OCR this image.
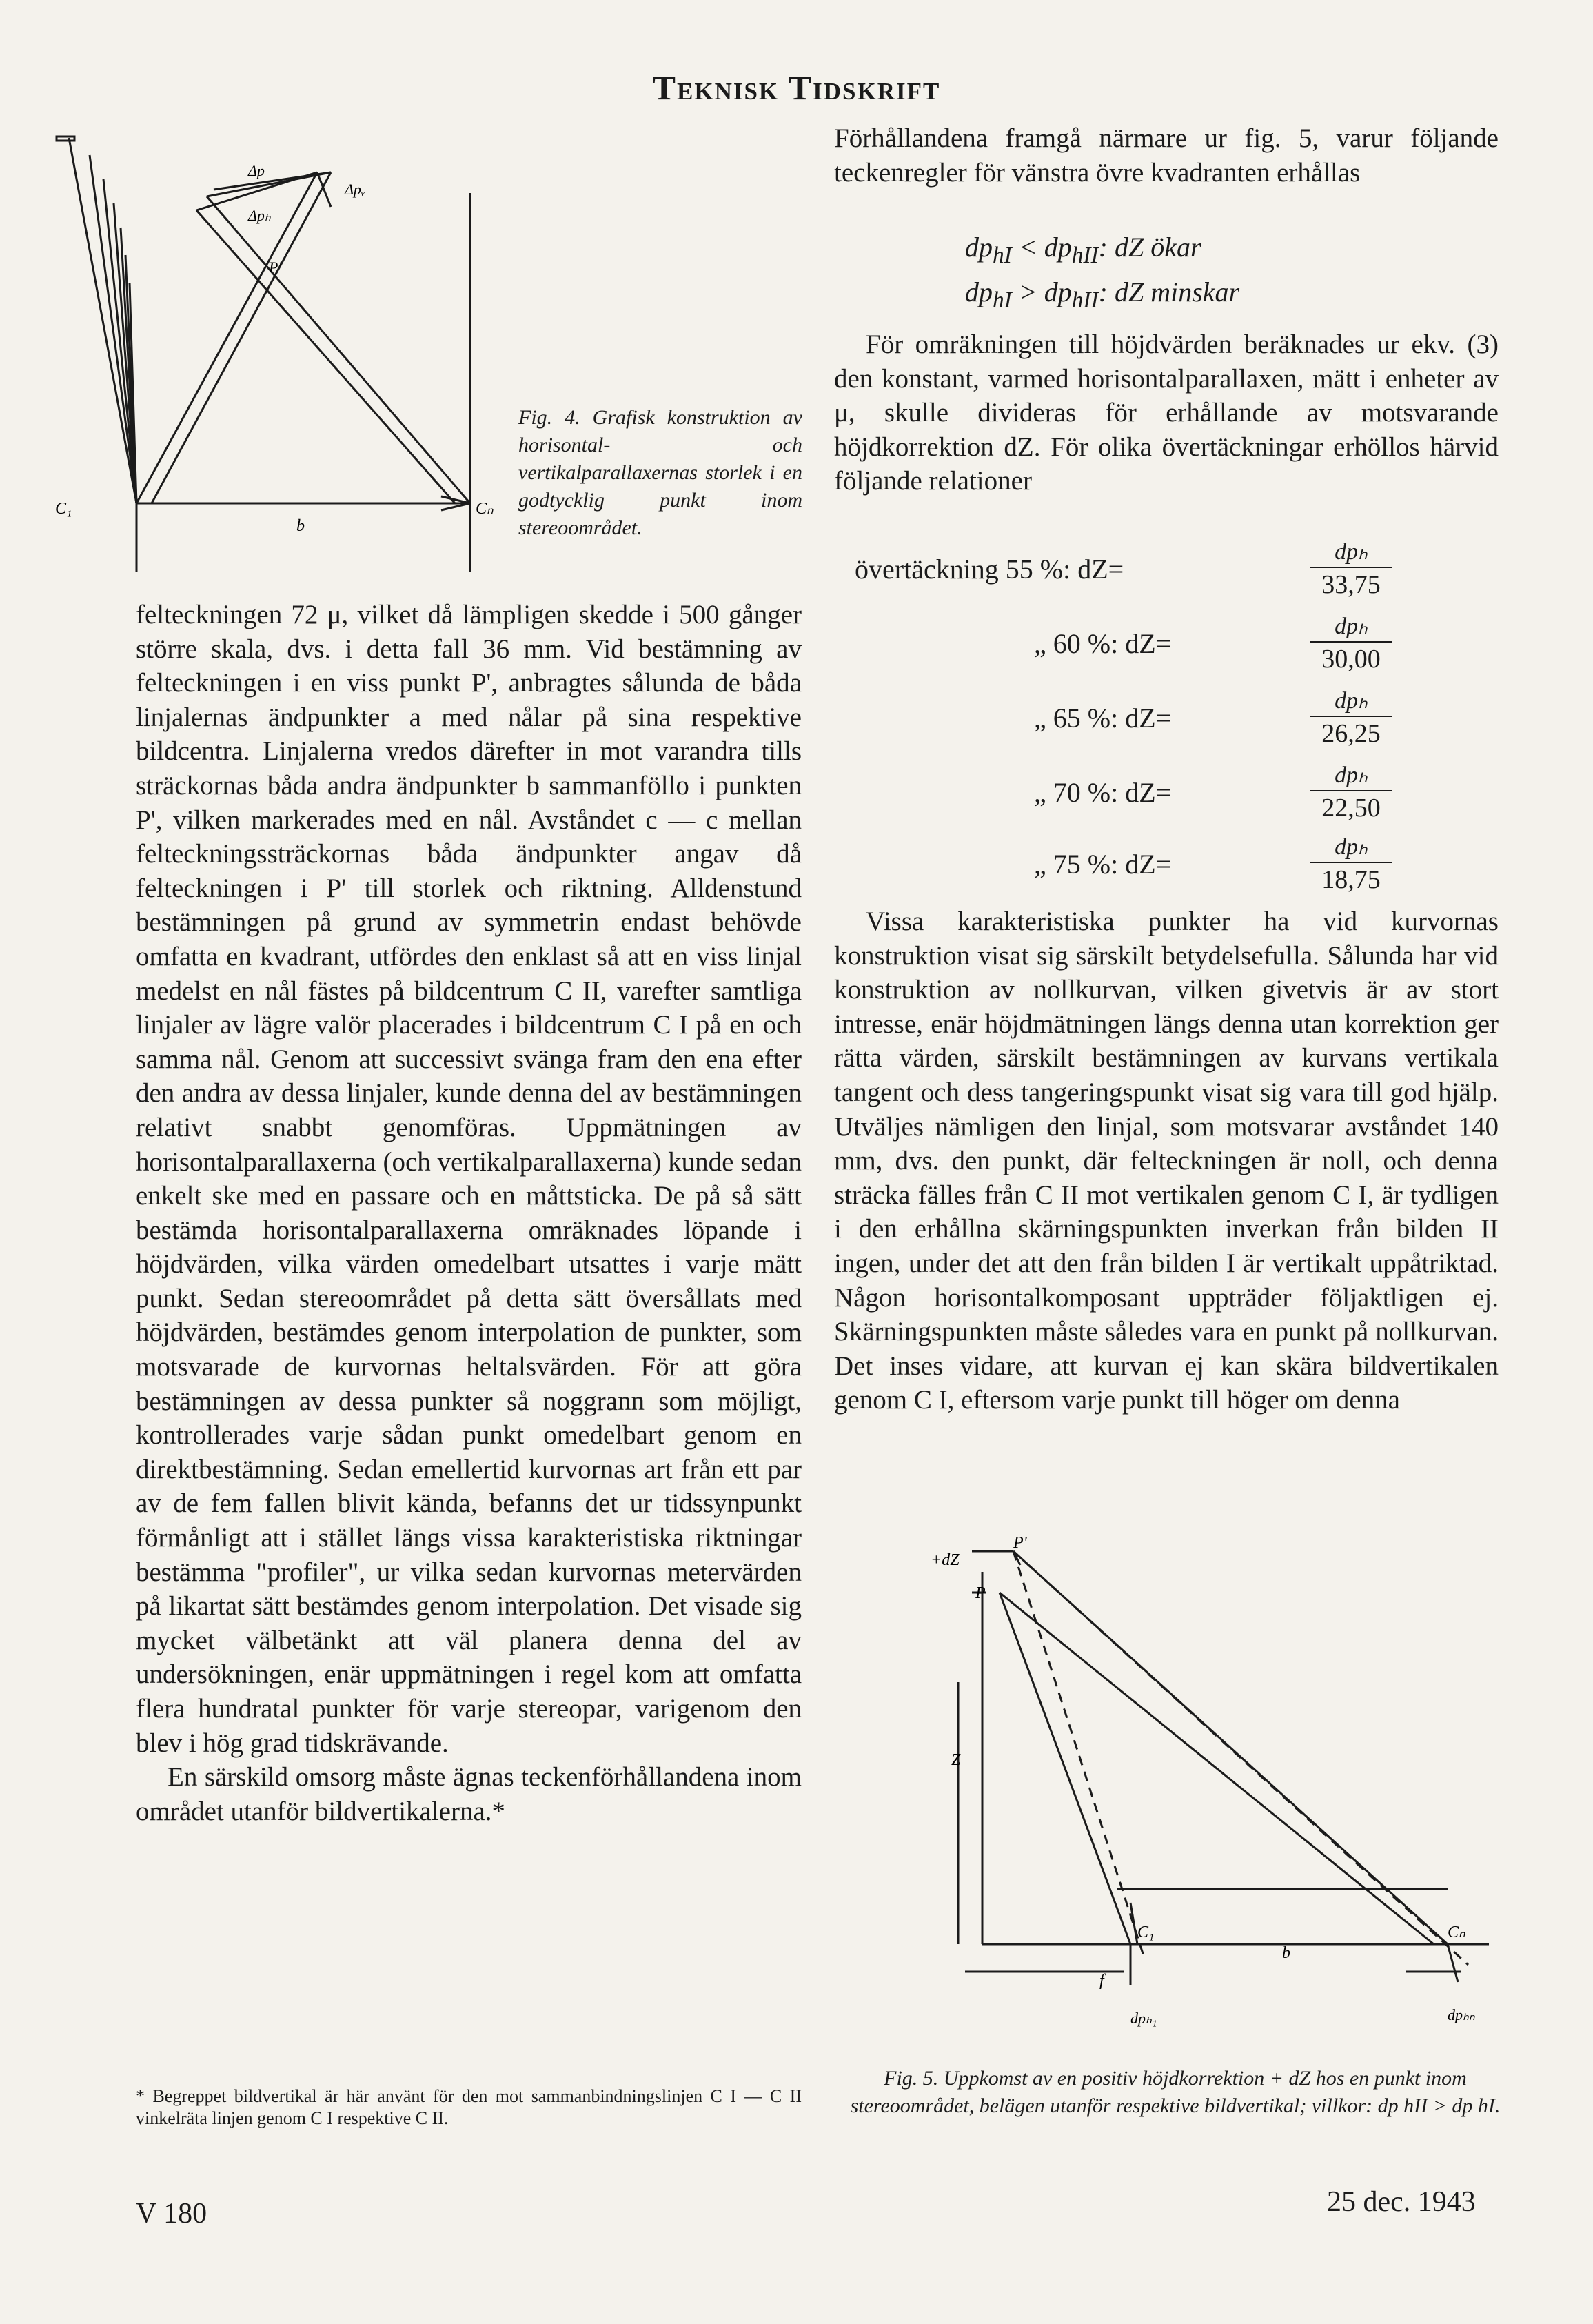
Teknisk Tidskrift
Δp
Δpᵥ
Δpₕ
P'
C₁	Cₙ
b
Fig. 4. Grafisk konstruktion av horisontal- och vertikalparallaxernas storlek i en godtycklig punkt inom stereoområdet.

felteckningen 72 μ, vilket då lämpligen skedde i 500 gånger större skala, dvs. i detta fall 36 mm. Vid bestämning av felteckningen i en viss punkt P', anbragtes sålunda de båda linjalernas ändpunkter a med nålar på sina respektive bildcentra. Linjalerna vredos därefter in mot varandra tills sträckornas båda andra ändpunkter b sammanföllo i punkten P', vilken markerades med en nål. Avståndet c — c mellan felteckningssträckornas båda ändpunkter angav då felteckningen i P' till storlek och riktning. Alldenstund bestämningen på grund av symmetrin endast behövde omfatta en kvadrant, utfördes den enklast så att en viss linjal medelst en nål fästes på bildcentrum C II, varefter samtliga linjaler av lägre valör placerades i bildcentrum C I på en och samma nål. Genom att successivt svänga fram den ena efter den andra av dessa linjaler, kunde denna del av bestämningen relativt snabbt genomföras. Uppmätningen av horisontalparallaxerna (och vertikalparallaxerna) kunde sedan enkelt ske med en passare och en måttsticka. De på så sätt bestämda horisontalparallaxerna omräknades löpande i höjdvärden, vilka värden omedelbart utsattes i varje mätt punkt. Sedan stereoområdet på detta sätt översållats med höjdvärden, bestämdes genom interpolation de punkter, som motsvarade de kurvornas heltalsvärden. För att göra bestämningen av dessa punkter så noggrann som möjligt, kontrollerades varje sådan punkt omedelbart genom en direktbestämning. Sedan emellertid kurvornas art från ett par av de fem fallen blivit kända, befanns det ur tidssynpunkt förmånligt att i stället längs vissa karakteristiska riktningar bestämma "profiler", ur vilka sedan kurvornas metervärden på likartat sätt bestämdes genom interpolation. Det visade sig mycket välbetänkt att väl planera denna del av undersökningen, enär uppmätningen i regel kom att omfatta flera hundratal punkter för varje stereopar, varigenom den blev i hög grad tidskrävande.

En särskild omsorg måste ägnas teckenförhållandena inom området utanför bildvertikalerna.*

* Begreppet bildvertikal är här använt för den mot sammanbindningslinjen C I — C II vinkelräta linjen genom C I respektive C II.

Förhållandena framgå närmare ur fig. 5, varur följande teckenregler för vänstra övre kvadranten erhållas

$dp_{hI} < dp_{hII}$: dZ ökar
$dp_{hI} > dp_{hII}$: dZ minskar

För omräkningen till höjdvärden beräknades ur ekv. (3) den konstant, varmed horisontalparallaxen, mätt i enheter av μ, skulle divideras för erhållande av motsvarande höjdkorrektion dZ. För olika övertäckningar erhöllos härvid följande relationer

övertäckning 55 %: dZ=
dpₕ
33,75
„ 60 %: dZ=
dpₕ
30,00
„ 65 %: dZ=
dpₕ
26,25
„ 70 %: dZ=
dpₕ
22,50
„ 75 %: dZ=
dpₕ
18,75

Vissa karakteristiska punkter ha vid kurvornas konstruktion visat sig särskilt betydelsefulla. Sålunda har vid konstruktion av nollkurvan, vilken givetvis är av stort intresse, enär höjdmätningen längs denna utan korrektion ger rätta värden, särskilt bestämningen av kurvans vertikala tangent och dess tangeringspunkt visat sig vara till god hjälp. Utväljes nämligen den linjal, som motsvarar avståndet 140 mm, dvs. den punkt, där felteckningen är noll, och denna sträcka fälles från C II mot vertikalen genom C I, är tydligen i den erhållna skärningspunkten inverkan från bilden II ingen, under det att den från bilden I är vertikalt uppåtriktad. Någon horisontalkomposant uppträder följaktligen ej. Skärningspunkten måste således vara en punkt på nollkurvan. Det inses vidare, att kurvan ej kan skära bildvertikalen genom C I, eftersom varje punkt till höger om denna

+dZ
P'
P
Z
C₁	Cₙ
b
f
dpₕ₁	dpₕₙ
Fig. 5. Uppkomst av en positiv höjdkorrektion + dZ hos en punkt inom stereoområdet, belägen utanför respektive bildvertikal; villkor: dp hII > dp hI.
V 180	25 dec. 1943
